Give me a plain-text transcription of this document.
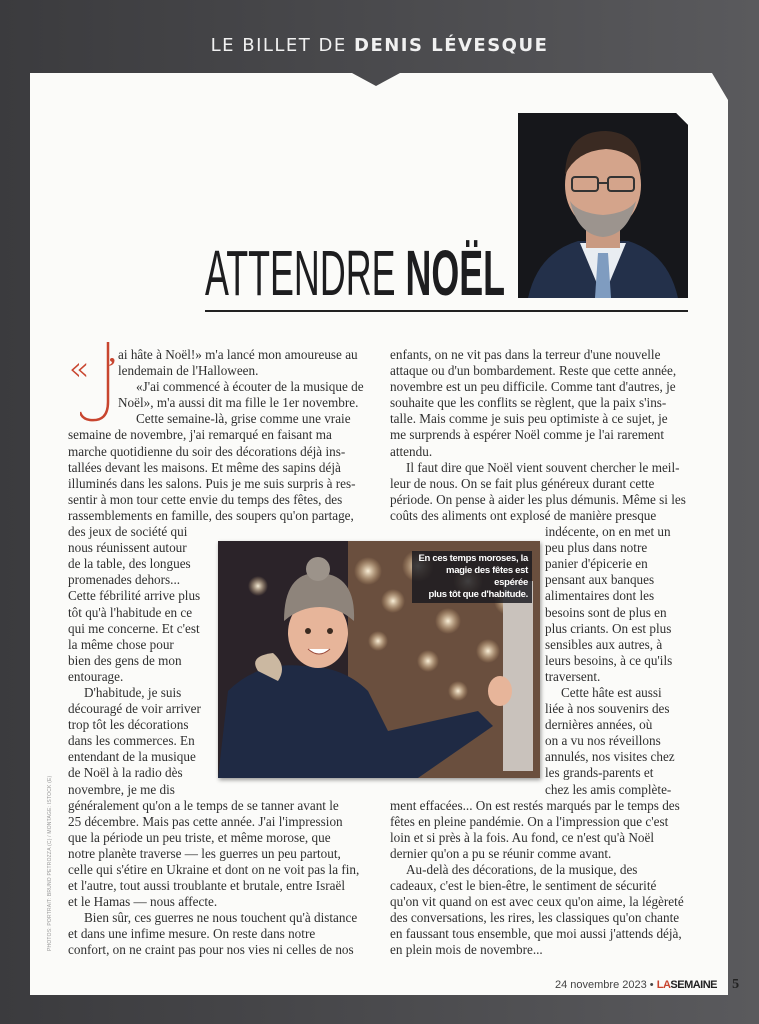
LE BILLET DE DENIS LÉVESQUE
ATTENDRE NOËL
« , ai hâte à Noël!» m'a lancé mon amoureuse au
lendemain de l'Halloween.
«J'ai commencé à écouter de la musique de
Noël», m'a aussi dit ma fille le 1er novembre.
Cette semaine-là, grise comme une vraie
semaine de novembre, j'ai remarqué en faisant ma
marche quotidienne du soir des décorations déjà ins-
tallées devant les maisons. Et même des sapins déjà
illuminés dans les salons. Puis je me suis surpris à res-
sentir à mon tour cette envie du temps des fêtes, des
rassemblements en famille, des soupers qu'on partage,
des jeux de société qui
nous réunissent autour
de la table, des longues
promenades dehors...
Cette fébrilité arrive plus
tôt qu'à l'habitude en ce
qui me concerne. Et c'est
la même chose pour
bien des gens de mon
entourage.
D'habitude, je suis
découragé de voir arriver
trop tôt les décorations
dans les commerces. En
entendant de la musique
de Noël à la radio dès
novembre, je me dis
généralement qu'on a le temps de se tanner avant le
25 décembre. Mais pas cette année. J'ai l'impression
que la période un peu triste, et même morose, que
notre planète traverse — les guerres un peu partout,
celle qui s'étire en Ukraine et dont on ne voit pas la fin,
et l'autre, tout aussi troublante et brutale, entre Israël
et le Hamas — nous affecte.
Bien sûr, ces guerres ne nous touchent qu'à distance
et dans une infime mesure. On reste dans notre
confort, on ne craint pas pour nos vies ni celles de nos
enfants, on ne vit pas dans la terreur d'une nouvelle
attaque ou d'un bombardement. Reste que cette année,
novembre est un peu difficile. Comme tant d'autres, je
souhaite que les conflits se règlent, que la paix s'ins-
talle. Mais comme je suis peu optimiste à ce sujet, je
me surprends à espérer Noël comme je l'ai rarement
attendu.
Il faut dire que Noël vient souvent chercher le meil-
leur de nous. On se fait plus généreux durant cette
période. On pense à aider les plus démunis. Même si les
coûts des aliments ont explosé de manière presque
indécente, on en met un
peu plus dans notre
panier d'épicerie en
pensant aux banques
alimentaires dont les
besoins sont de plus en
plus criants. On est plus
sensibles aux autres, à
leurs besoins, à ce qu'ils
traversent.
Cette hâte est aussi
liée à nos souvenirs des
dernières années, où
on a vu nos réveillons
annulés, nos visites chez
les grands-parents et
chez les amis complète-
ment effacées... On est restés marqués par le temps des
fêtes en pleine pandémie. On a l'impression que c'est
loin et si près à la fois. Au fond, ce n'est qu'à Noël
dernier qu'on a pu se réunir comme avant.
Au-delà des décorations, de la musique, des
cadeaux, c'est le bien-être, le sentiment de sécurité
qu'on vit quand on est avec ceux qu'on aime, la légèreté
des conversations, les rires, les classiques qu'on chante
en faussant tous ensemble, que moi aussi j'attends déjà,
en plein mois de novembre...
En ces temps moroses, la
magie des fêtes est espérée
plus tôt que d'habitude.
PHOTOS: PORTRAIT: BRUNO PETROZZA (C) / MONTAGE: ISTOCK (E)
24 novembre 2023 • LASEMAINE 5
